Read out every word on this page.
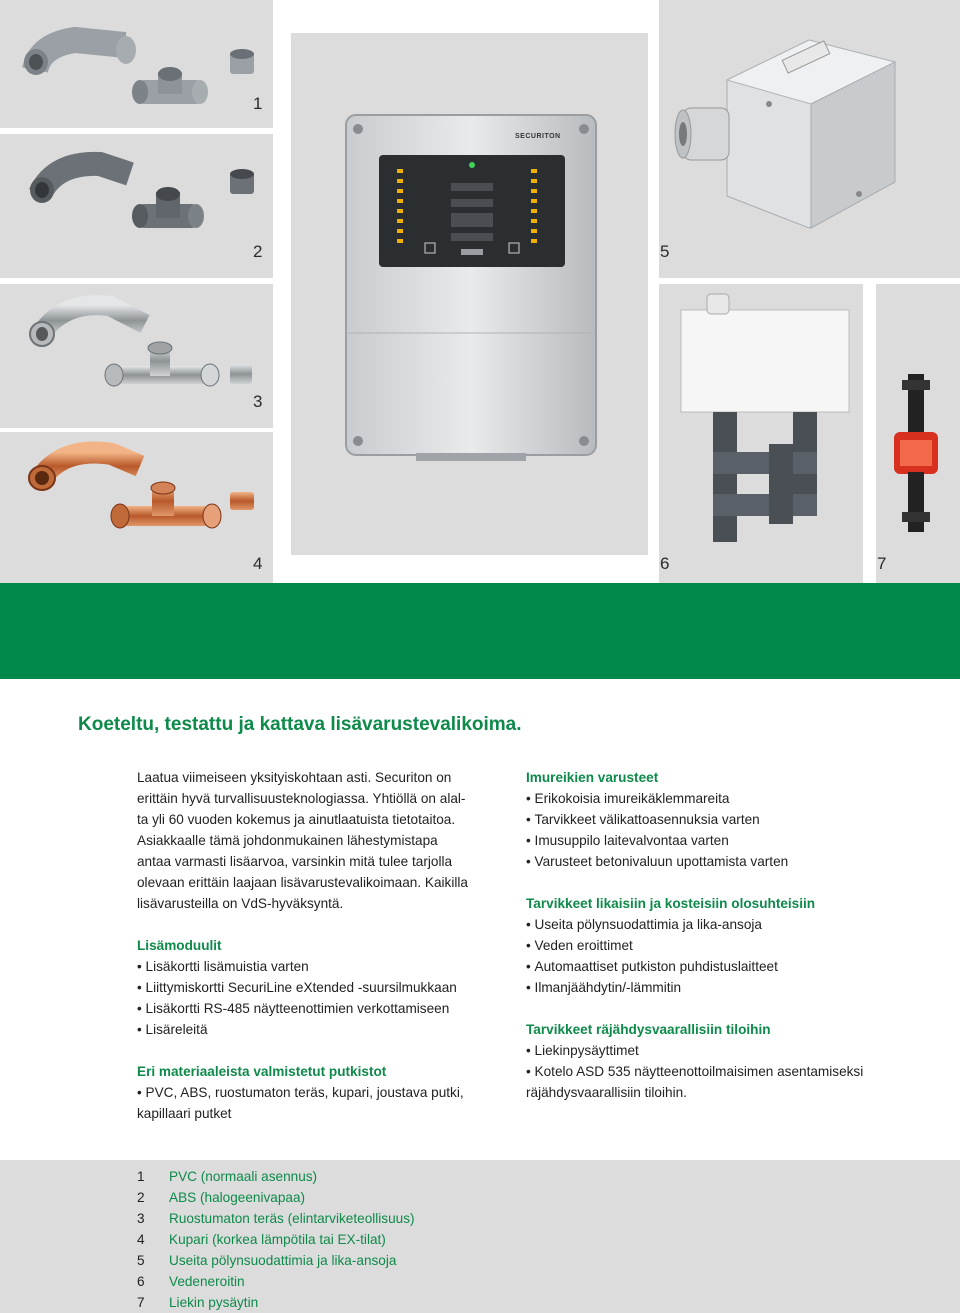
1
2
3
4
SECURITON
5
6	7
Koeteltu, testattu ja kattava lisävarustevalikoima.

Laatua viimeiseen yksityiskohtaan asti. Securiton on

erittäin hyvä turvallisuusteknologiassa. Yhtiöllä on alal-

ta yli 60 vuoden kokemus ja ainutlaatuista tietotaitoa.

Asiakkaalle tämä johdonmukainen lähestymistapa

antaa varmasti lisäarvoa, varsinkin mitä tulee tarjolla

olevaan erittäin laajaan lisävarustevalikoimaan. Kaikilla

lisävarusteilla on VdS-hyväksyntä.

Lisämoduulit

• Lisäkortti lisämuistia varten
• Liittymiskortti SecuriLine eXtended -suursilmukkaan
• Lisäkortti RS-485 näytteenottimien verkottamiseen
• Lisäreleitä

Eri materiaaleista valmistetut putkistot

• PVC, ABS, ruostumaton teräs, kupari, joustava putki,

kapillaari putket

Imureikien varusteet

• Erikokoisia imureikäklemmareita
• Tarvikkeet välikattoasennuksia varten
• Imusuppilo laitevalvontaa varten
• Varusteet betonivaluun upottamista varten

Tarvikkeet likaisiin ja kosteisiin olosuhteisiin

• Useita pölynsuodattimia ja lika-ansoja
• Veden eroittimet
• Automaattiset putkiston puhdistuslaitteet
• Ilmanjäähdytin/-lämmitin

Tarvikkeet räjähdysvaarallisiin tiloihin

• Liekinpysäyttimet
• Kotelo ASD 535 näytteenottoilmaisimen asentamiseksi

räjähdysvaarallisiin tiloihin.

1	PVC (normaali asennus)
2	ABS (halogeenivapaa)
3	Ruostumaton teräs (elintarviketeollisuus)
4	Kupari (korkea lämpötila tai EX-tilat)
5	Useita pölynsuodattimia ja lika-ansoja
6	Vedeneroitin
7	Liekin pysäytin
